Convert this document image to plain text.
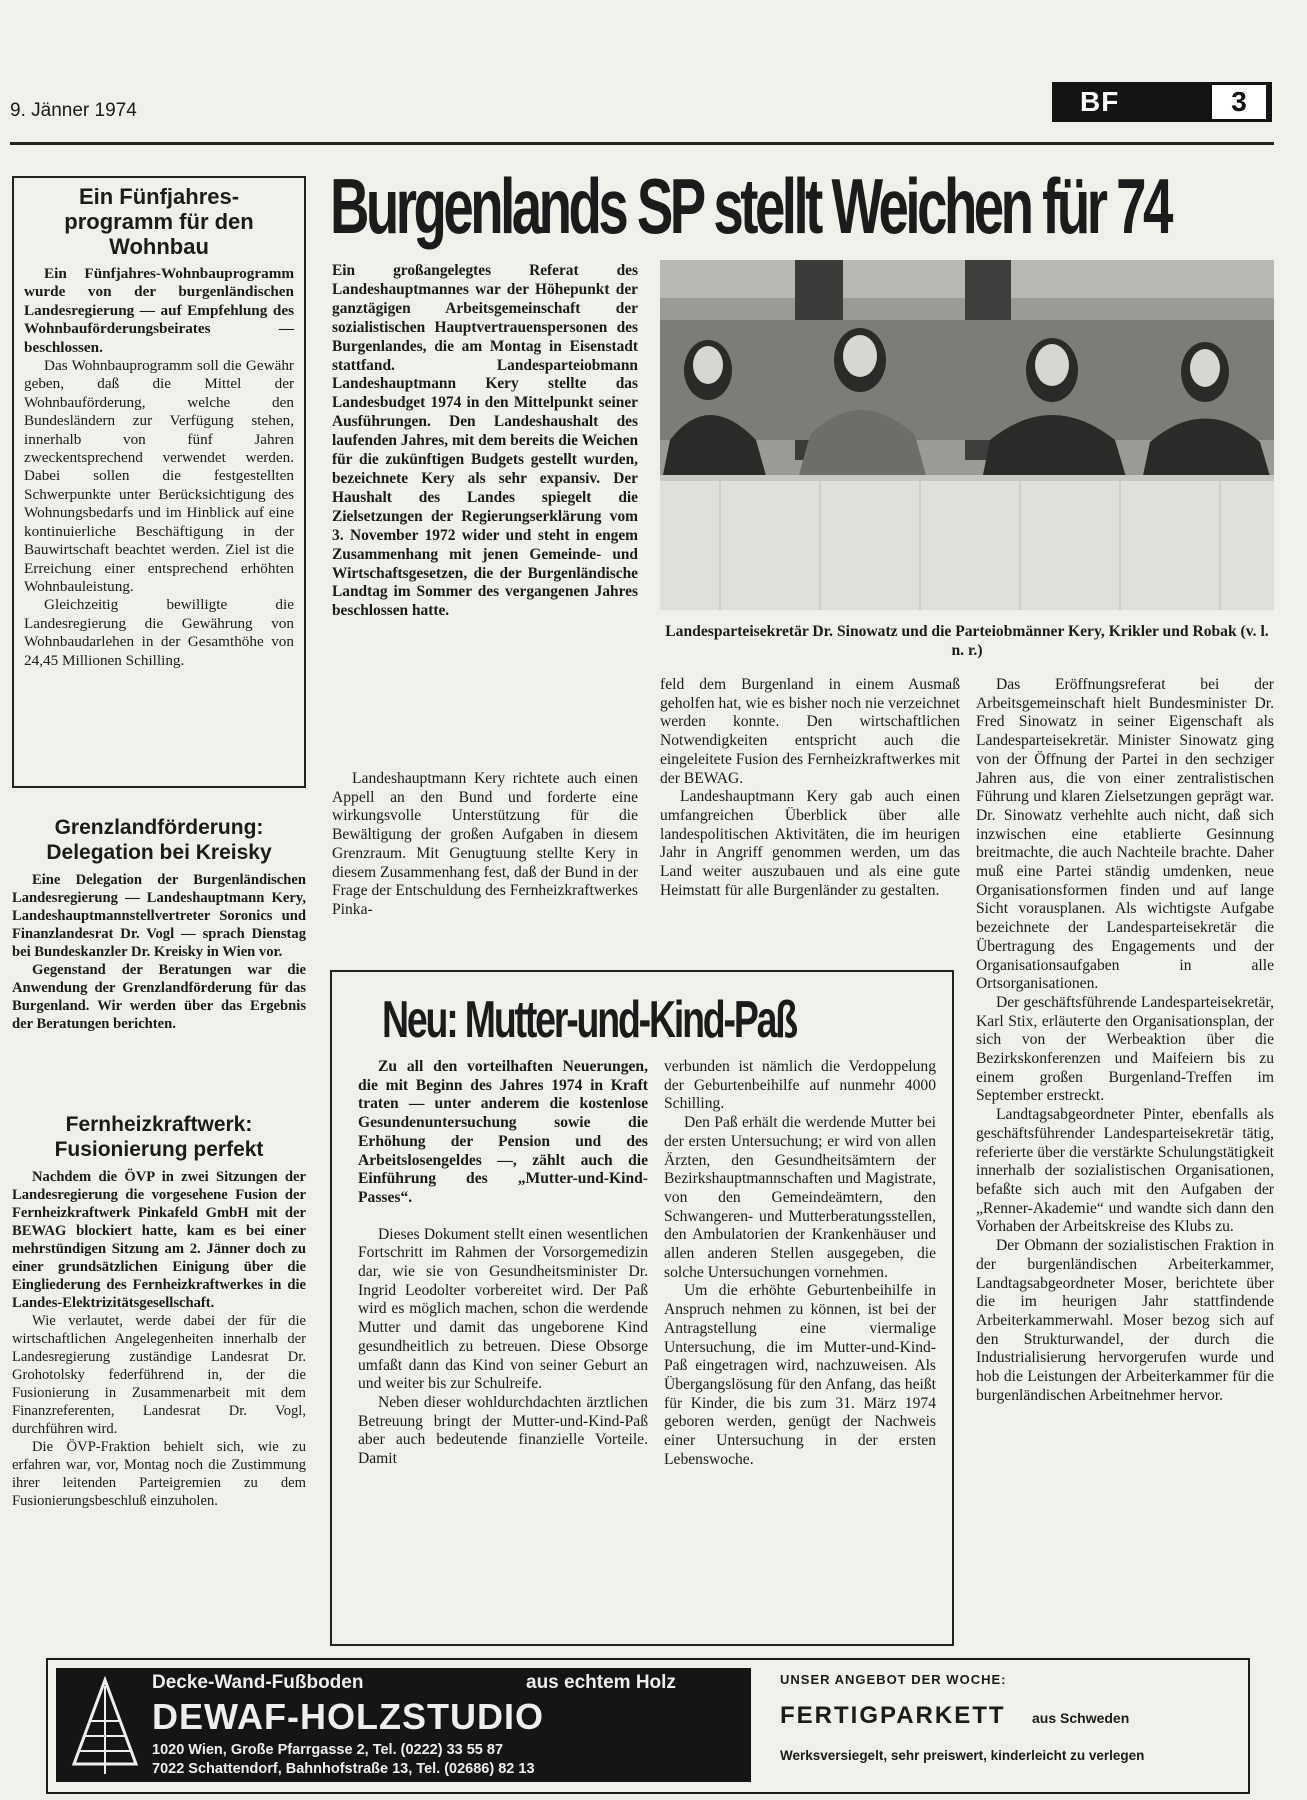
9. Jänner 1974	BF	3
Ein Fünfjahres-programm für den Wohnbau

Ein Fünfjahres-Wohnbauprogramm wurde von der burgenländischen Landesregierung — auf Empfehlung des Wohnbauförderungsbeirates — beschlossen.

Das Wohnbauprogramm soll die Gewähr geben, daß die Mittel der Wohnbauförderung, welche den Bundesländern zur Verfügung stehen, innerhalb von fünf Jahren zweckentsprechend verwendet werden. Dabei sollen die festgestellten Schwerpunkte unter Berücksichtigung des Wohnungsbedarfs und im Hinblick auf eine kontinuierliche Beschäftigung in der Bauwirtschaft beachtet werden. Ziel ist die Erreichung einer entsprechend erhöhten Wohnbauleistung.

Gleichzeitig bewilligte die Landesregierung die Gewährung von Wohnbaudarlehen in der Gesamthöhe von 24,45 Millionen Schilling.

Grenzlandförderung: Delegation bei Kreisky

Eine Delegation der Burgenländischen Landesregierung — Landeshauptmann Kery, Landeshauptmannstellvertreter Soronics und Finanzlandesrat Dr. Vogl — sprach Dienstag bei Bundeskanzler Dr. Kreisky in Wien vor.

Gegenstand der Beratungen war die Anwendung der Grenzlandförderung für das Burgenland. Wir werden über das Ergebnis der Beratungen berichten.

Fernheizkraftwerk: Fusionierung perfekt

Nachdem die ÖVP in zwei Sitzungen der Landesregierung die vorgesehene Fusion der Fernheizkraftwerk Pinkafeld GmbH mit der BEWAG blockiert hatte, kam es bei einer mehrstündigen Sitzung am 2. Jänner doch zu einer grundsätzlichen Einigung über die Eingliederung des Fernheizkraftwerkes in die Landes-Elektrizitätsgesellschaft.

Wie verlautet, werde dabei der für die wirtschaftlichen Angelegenheiten innerhalb der Landesregierung zuständige Landesrat Dr. Grohotolsky federführend in, der die Fusionierung in Zusammenarbeit mit dem Finanzreferenten, Landesrat Dr. Vogl, durchführen wird.

Die ÖVP-Fraktion behielt sich, wie zu erfahren war, vor, Montag noch die Zustimmung ihrer leitenden Parteigremien zu dem Fusionierungsbeschluß einzuholen.

Burgenlands SP stellt Weichen für 74

Ein großangelegtes Referat des Landeshauptmannes war der Höhepunkt der ganztägigen Arbeitsgemeinschaft der sozialistischen Hauptvertrauenspersonen des Burgenlandes, die am Montag in Eisenstadt stattfand. Landesparteiobmann Landeshauptmann Kery stellte das Landesbudget 1974 in den Mittelpunkt seiner Ausführungen. Den Landeshaushalt des laufenden Jahres, mit dem bereits die Weichen für die zukünftigen Budgets gestellt wurden, bezeichnete Kery als sehr expansiv. Der Haushalt des Landes spiegelt die Zielsetzungen der Regierungserklärung vom 3. November 1972 wider und steht in engem Zusammenhang mit jenen Gemeinde- und Wirtschaftsgesetzen, die der Burgenländische Landtag im Sommer des vergangenen Jahres beschlossen hatte.

Landeshauptmann Kery richtete auch einen Appell an den Bund und forderte eine wirkungsvolle Unterstützung für die Bewältigung der großen Aufgaben in diesem Grenzraum. Mit Genugtuung stellte Kery in diesem Zusammenhang fest, daß der Bund in der Frage der Entschuldung des Fernheizkraftwerkes Pinka-

Landesparteisekretär Dr. Sinowatz und die Parteiobmänner Kery, Krikler und Robak (v. l. n. r.)

feld dem Burgenland in einem Ausmaß geholfen hat, wie es bisher noch nie verzeichnet werden konnte. Den wirtschaftlichen Notwendigkeiten entspricht auch die eingeleitete Fusion des Fernheizkraftwerkes mit der BEWAG.

Landeshauptmann Kery gab auch einen umfangreichen Überblick über alle landespolitischen Aktivitäten, die im heurigen Jahr in Angriff genommen werden, um das Land weiter auszubauen und als eine gute Heimstatt für alle Burgenländer zu gestalten.

Das Eröffnungsreferat bei der Arbeitsgemeinschaft hielt Bundesminister Dr. Fred Sinowatz in seiner Eigenschaft als Landesparteisekretär. Minister Sinowatz ging von der Öffnung der Partei in den sechziger Jahren aus, die von einer zentralistischen Führung und klaren Zielsetzungen geprägt war. Dr. Sinowatz verhehlte auch nicht, daß sich inzwischen eine etablierte Gesinnung breitmachte, die auch Nachteile brachte. Daher muß eine Partei ständig umdenken, neue Organisationsformen finden und auf lange Sicht vorausplanen. Als wichtigste Aufgabe bezeichnete der Landesparteisekretär die Übertragung des Engagements und der Organisationsaufgaben in alle Ortsorganisationen.

Der geschäftsführende Landesparteisekretär, Karl Stix, erläuterte den Organisationsplan, der sich von der Werbeaktion über die Bezirkskonferenzen und Maifeiern bis zu einem großen Burgenland-Treffen im September erstreckt.

Landtagsabgeordneter Pinter, ebenfalls als geschäftsführender Landesparteisekretär tätig, referierte über die verstärkte Schulungstätigkeit innerhalb der sozialistischen Organisationen, befaßte sich auch mit den Aufgaben der „Renner-Akademie“ und wandte sich dann den Vorhaben der Arbeitskreise des Klubs zu.

Der Obmann der sozialistischen Fraktion in der burgenländischen Arbeiterkammer, Landtagsabgeordneter Moser, berichtete über die im heurigen Jahr stattfindende Arbeiterkammerwahl. Moser bezog sich auf den Strukturwandel, der durch die Industrialisierung hervorgerufen wurde und hob die Leistungen der Arbeiterkammer für die burgenländischen Arbeitnehmer hervor.

Neu: Mutter-und-Kind-Paß

Zu all den vorteilhaften Neuerungen, die mit Beginn des Jahres 1974 in Kraft traten — unter anderem die kostenlose Gesundenuntersuchung sowie die Erhöhung der Pension und des Arbeitslosengeldes —, zählt auch die Einführung des „Mutter-und-Kind-Passes“.

Dieses Dokument stellt einen wesentlichen Fortschritt im Rahmen der Vorsorgemedizin dar, wie sie von Gesundheitsminister Dr. Ingrid Leodolter vorbereitet wird. Der Paß wird es möglich machen, schon die werdende Mutter und damit das ungeborene Kind gesundheitlich zu betreuen. Diese Obsorge umfaßt dann das Kind von seiner Geburt an und weiter bis zur Schulreife.

Neben dieser wohldurchdachten ärztlichen Betreuung bringt der Mutter-und-Kind-Paß aber auch bedeutende finanzielle Vorteile. Damit

verbunden ist nämlich die Verdoppelung der Geburtenbeihilfe auf nunmehr 4000 Schilling.

Den Paß erhält die werdende Mutter bei der ersten Untersuchung; er wird von allen Ärzten, den Gesundheitsämtern der Bezirkshauptmannschaften und Magistrate, von den Gemeindeämtern, den Schwangeren- und Mutterberatungsstellen, den Ambulatorien der Krankenhäuser und allen anderen Stellen ausgegeben, die solche Untersuchungen vornehmen.

Um die erhöhte Geburtenbeihilfe in Anspruch nehmen zu können, ist bei der Antragstellung eine viermalige Untersuchung, die im Mutter-und-Kind-Paß eingetragen wird, nachzuweisen. Als Übergangslösung für den Anfang, das heißt für Kinder, die bis zum 31. März 1974 geboren werden, genügt der Nachweis einer Untersuchung in der ersten Lebenswoche.

Decke-Wand-Fußboden	aus echtem Holz
DEWAF-HOLZSTUDIO
1020 Wien, Große Pfarrgasse 2, Tel. (0222) 33 55 87
7022 Schattendorf, Bahnhofstraße 13, Tel. (02686) 82 13
UNSER ANGEBOT DER WOCHE:
FERTIGPARKETT aus Schweden
Werksversiegelt, sehr preiswert, kinderleicht zu verlegen
